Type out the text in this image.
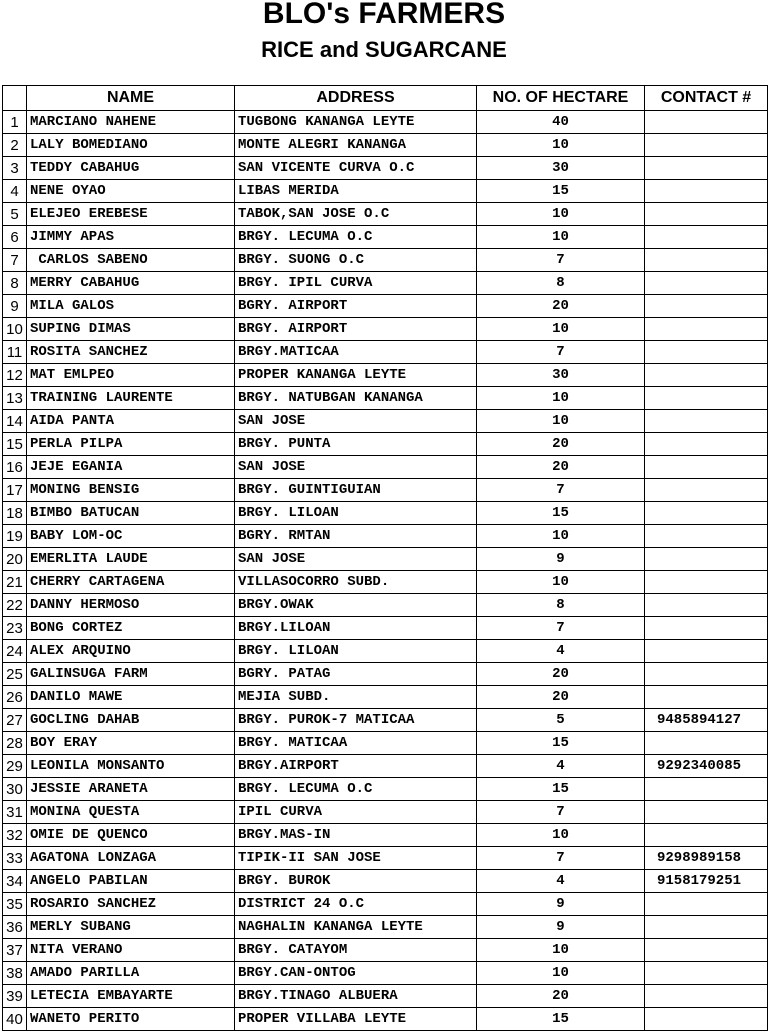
BLO's FARMERS
RICE and SUGARCANE
	NAME	ADDRESS	NO. OF HECTARE	CONTACT #
1	MARCIANO NAHENE	TUGBONG KANANGA LEYTE	40	
2	LALY BOMEDIANO	MONTE ALEGRI KANANGA	10	
3	TEDDY CABAHUG	SAN VICENTE CURVA O.C	30	
4	NENE OYAO	LIBAS MERIDA	15	
5	ELEJEO EREBESE	TABOK,SAN JOSE O.C	10	
6	JIMMY APAS	BRGY. LECUMA O.C	10	
7	CARLOS SABENO	BRGY. SUONG O.C	7	
8	MERRY CABAHUG	BRGY. IPIL CURVA	8	
9	MILA GALOS	BGRY. AIRPORT	20	
10	SUPING DIMAS	BRGY. AIRPORT	10	
11	ROSITA SANCHEZ	BRGY.MATICAA	7	
12	MAT EMLPEO	PROPER KANANGA LEYTE	30	
13	TRAINING LAURENTE	BRGY. NATUBGAN KANANGA	10	
14	AIDA PANTA	SAN JOSE	10	
15	PERLA PILPA	BRGY. PUNTA	20	
16	JEJE EGANIA	SAN JOSE	20	
17	MONING BENSIG	BRGY. GUINTIGUIAN	7	
18	BIMBO BATUCAN	BRGY. LILOAN	15	
19	BABY LOM-OC	BGRY. RMTAN	10	
20	EMERLITA LAUDE	SAN JOSE	9	
21	CHERRY CARTAGENA	VILLASOCORRO SUBD.	10	
22	DANNY HERMOSO	BRGY.OWAK	8	
23	BONG CORTEZ	BRGY.LILOAN	7	
24	ALEX ARQUINO	BRGY. LILOAN	4	
25	GALINSUGA FARM	BGRY. PATAG	20	
26	DANILO MAWE	MEJIA SUBD.	20	
27	GOCLING DAHAB	BRGY. PUROK-7 MATICAA	5	9485894127
28	BOY ERAY	BRGY. MATICAA	15	
29	LEONILA MONSANTO	BRGY.AIRPORT	4	9292340085
30	JESSIE ARANETA	BRGY. LECUMA O.C	15	
31	MONINA QUESTA	IPIL CURVA	7	
32	OMIE DE QUENCO	BRGY.MAS-IN	10	
33	AGATONA LONZAGA	TIPIK-II SAN JOSE	7	9298989158
34	ANGELO PABILAN	BRGY. BUROK	4	9158179251
35	ROSARIO SANCHEZ	DISTRICT 24 O.C	9	
36	MERLY SUBANG	NAGHALIN KANANGA LEYTE	9	
37	NITA VERANO	BRGY. CATAYOM	10	
38	AMADO PARILLA	BRGY.CAN-ONTOG	10	
39	LETECIA EMBAYARTE	BRGY.TINAGO ALBUERA	20	
40	WANETO PERITO	PROPER VILLABA LEYTE	15	
